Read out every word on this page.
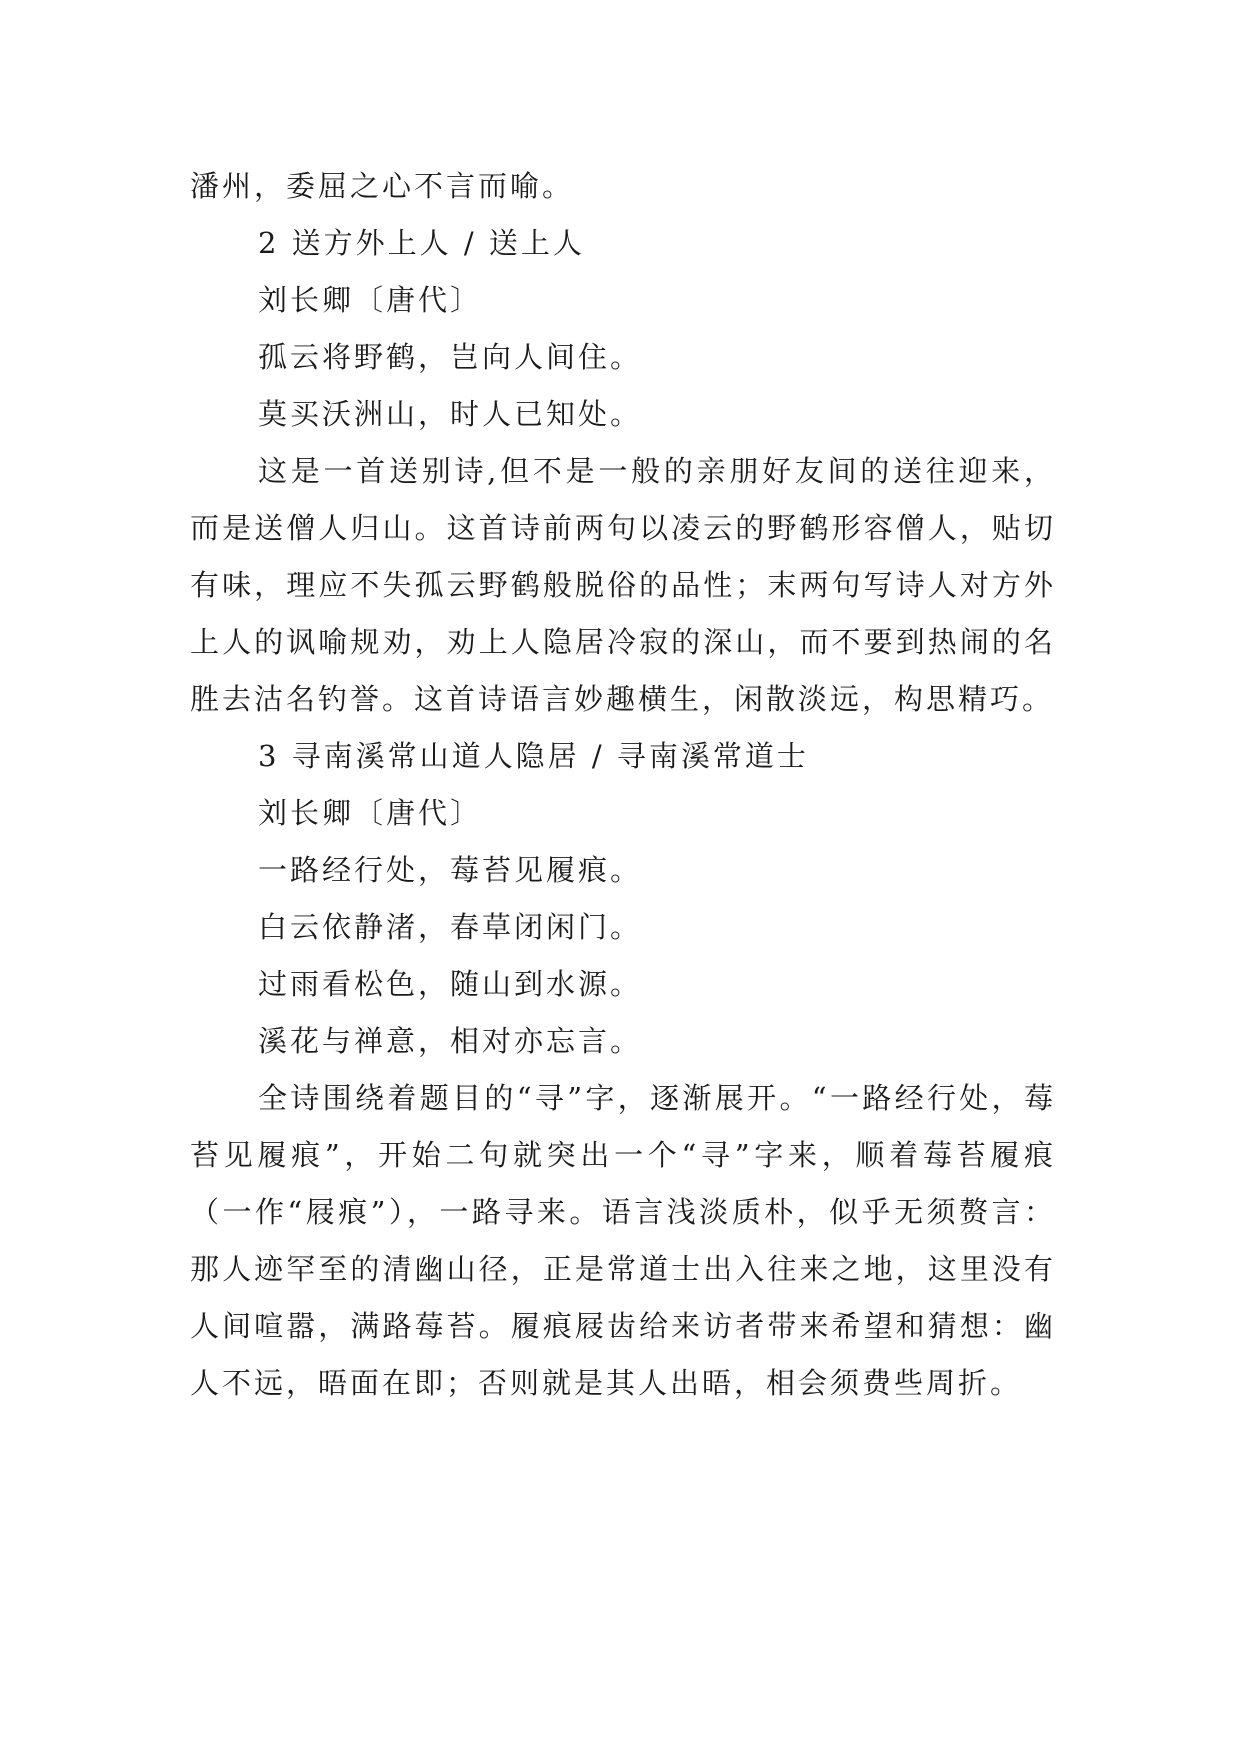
潘州，委屈之心不言而喻。
2 送方外上人 / 送上人
刘长卿〔唐代〕
孤云将野鹤，岂向人间住。
莫买沃洲山，时人已知处。

这是一首送别诗,但不是一般的亲朋好友间的送往迎来，而是送僧人归山。这首诗前两句以凌云的野鹤形容僧人，贴切有味，理应不失孤云野鹤般脱俗的品性；末两句写诗人对方外上人的讽喻规劝，劝上人隐居冷寂的深山，而不要到热闹的名胜去沽名钓誉。这首诗语言妙趣横生，闲散淡远，构思精巧。

3 寻南溪常山道人隐居 / 寻南溪常道士
刘长卿〔唐代〕
一路经行处，莓苔见履痕。
白云依静渚，春草闭闲门。
过雨看松色，随山到水源。
溪花与禅意，相对亦忘言。

全诗围绕着题目的“寻”字，逐渐展开。“一路经行处，莓苔见履痕”，开始二句就突出一个“寻”字来，顺着莓苔履痕（一作“屐痕”），一路寻来。语言浅淡质朴，似乎无须赘言：那人迹罕至的清幽山径，正是常道士出入往来之地，这里没有人间喧嚣，满路莓苔。履痕屐齿给来访者带来希望和猜想：幽人不远，晤面在即；否则就是其人出晤，相会须费些周折。
